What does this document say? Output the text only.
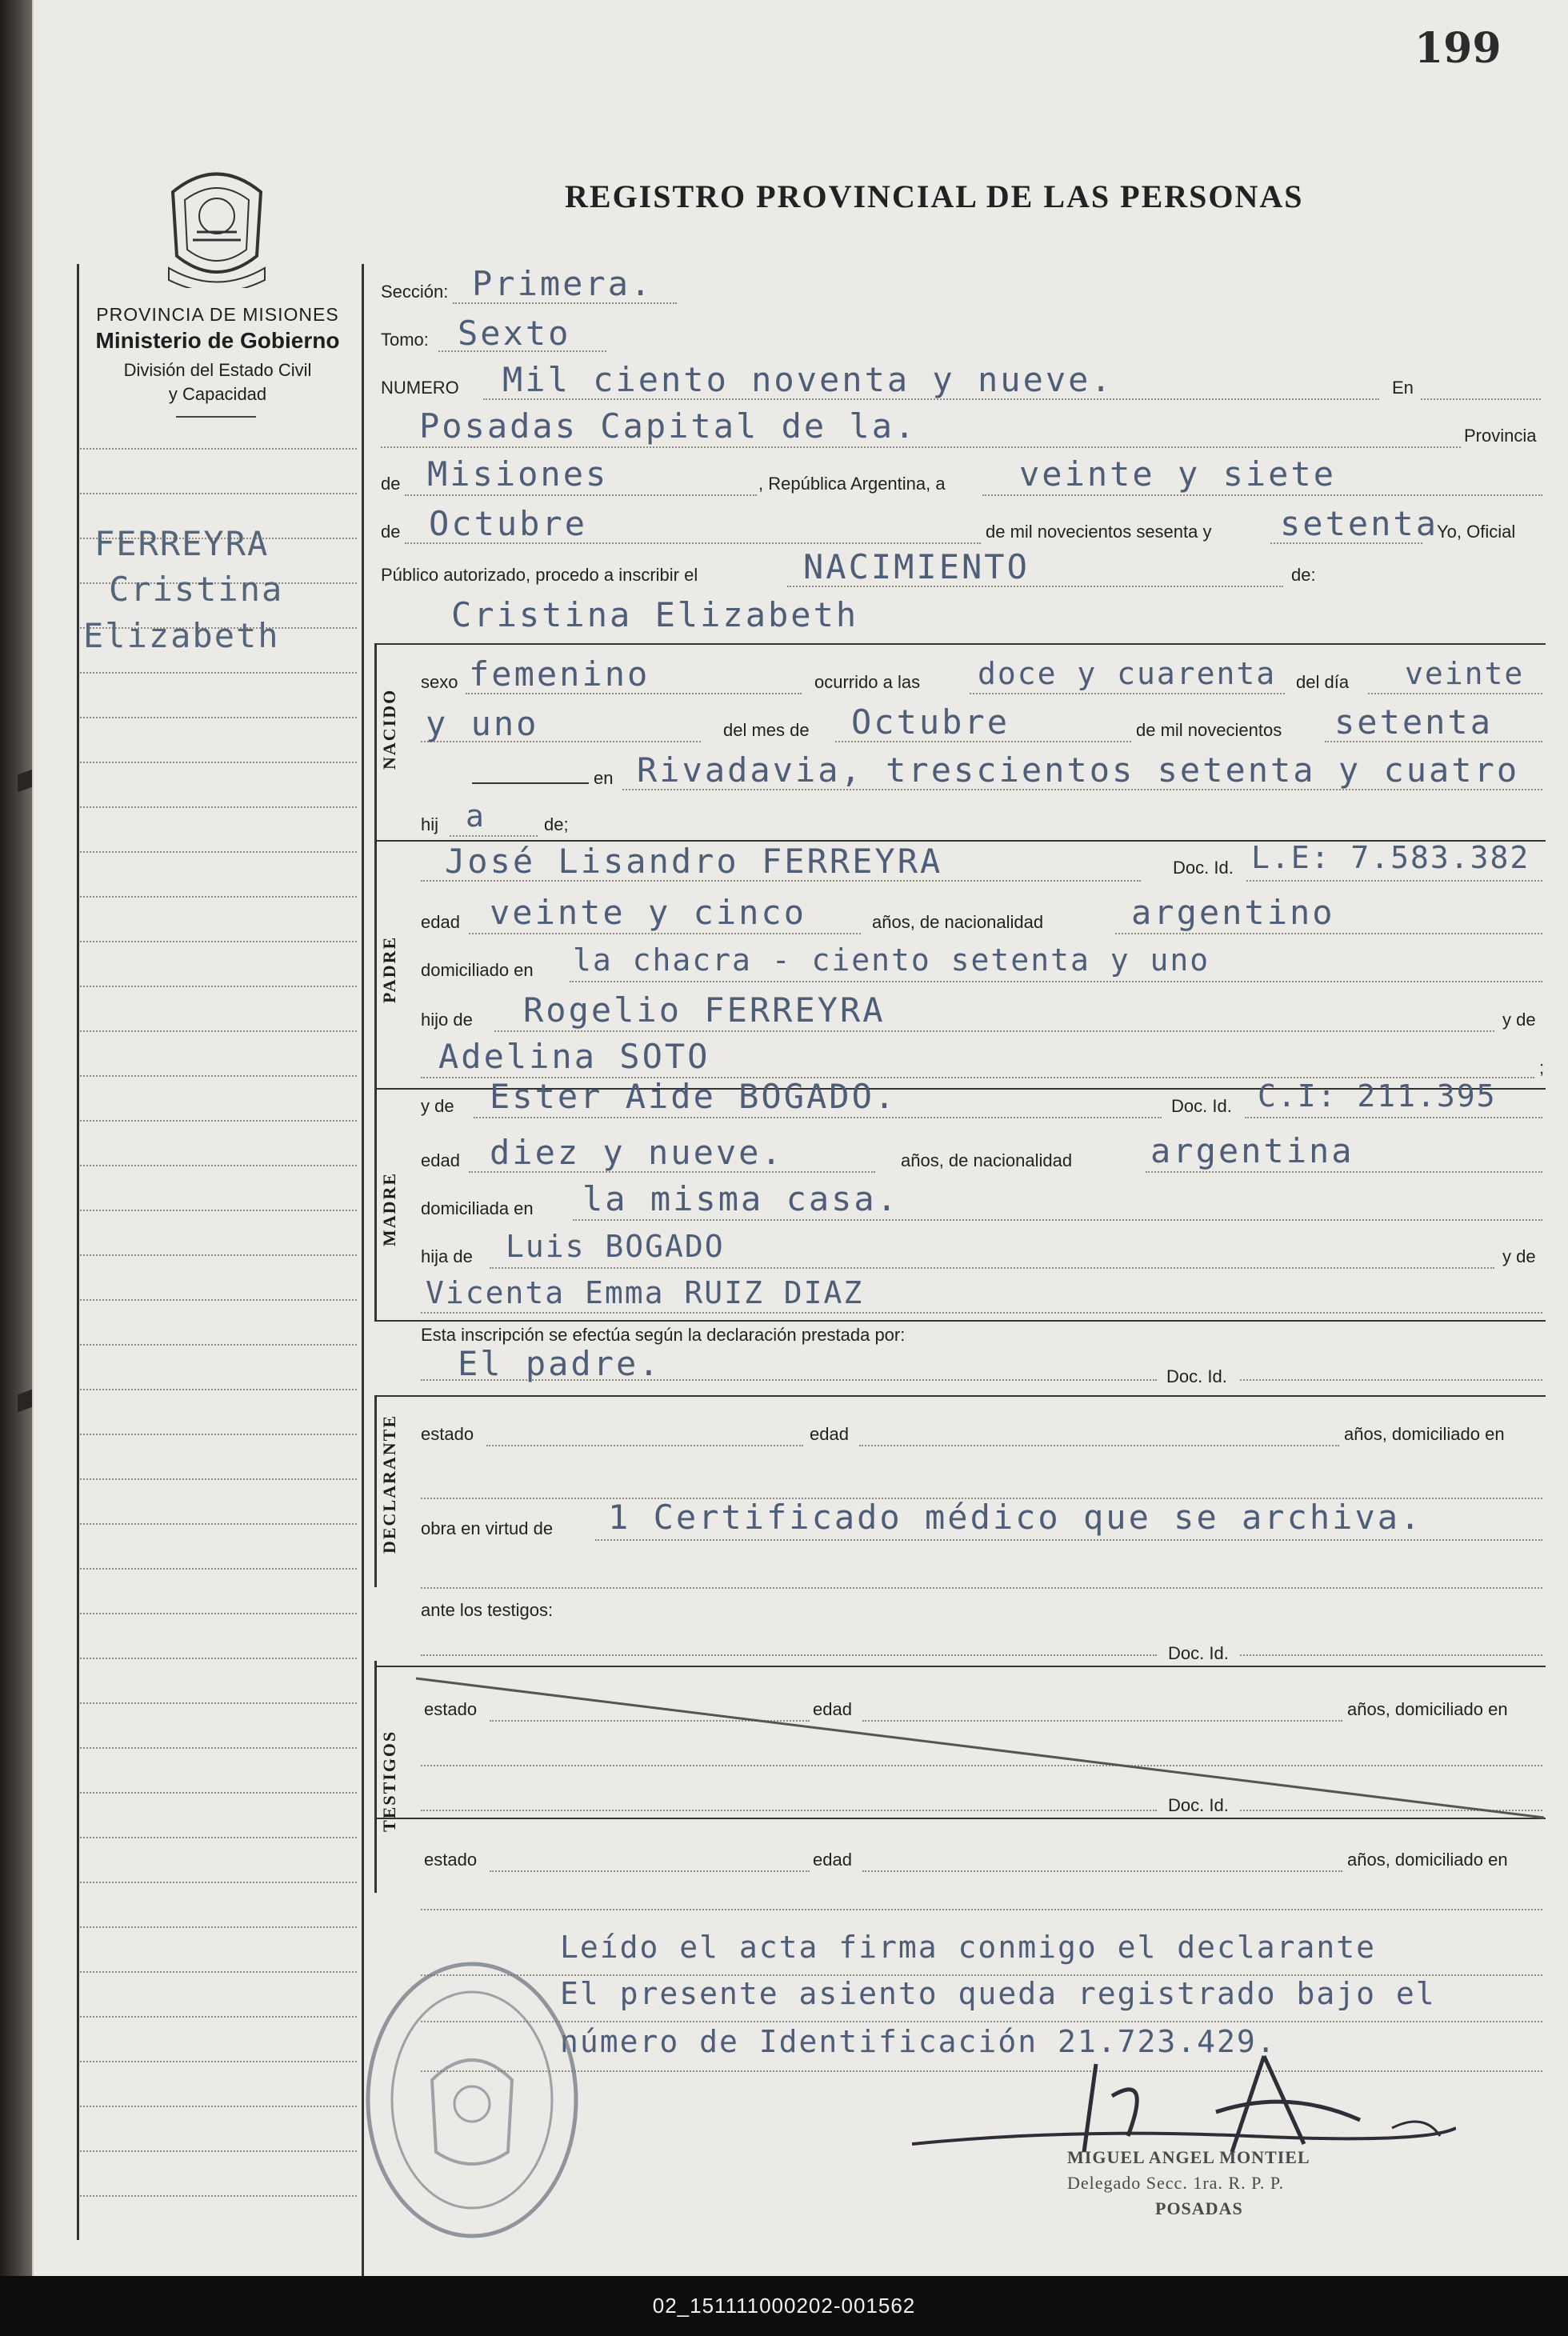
199
REGISTRO PROVINCIAL DE LAS PERSONAS
PROVINCIA DE MISIONES
Ministerio de Gobierno
División del Estado Civil
y Capacidad
FERREYRA
Cristina
Elizabeth
Sección: Primera.
Tomo: Sexto
NUMERO Mil ciento noventa y nueve.	En
Posadas Capital de la.	Provincia
de Misiones	, República Argentina, a veinte y siete
de Octubre	de mil novecientos sesenta y setenta
Yo, Oficial
Público autorizado, procedo a inscribir el	NACIMIENTO	de:
Cristina Elizabeth
NACIDO
sexo femenino	ocurrido a las doce y cuarenta del día veinte
y uno	del mes de Octubre	de mil novecientos setenta
en Rivadavia, trescientos setenta y cuatro
hij a	de;
PADRE
José Lisandro FERREYRA	Doc. Id. L.E: 7.583.382
edad veinte y cinco	años, de nacionalidad	argentino
domiciliado en la chacra - ciento setenta y uno
hijo de Rogelio FERREYRA	y de
Adelina SOTO	;
MADRE
y de Ester Aide BOGADO.	Doc. Id. C.I: 211.395
edad diez y nueve.	años, de nacionalidad argentina
domiciliada en la misma casa.
hija de Luis BOGADO	y de
Vicenta Emma RUIZ DIAZ
Esta inscripción se efectúa según la declaración prestada por:
El padre.	Doc. Id.
DECLARANTE estado	edad	años, domiciliado en
obra en virtud de 1 Certificado médico que se archiva.
ante los testigos:
Doc. Id.
TESTIGOS
estado	edad	años, domiciliado en
Doc. Id.
estado	edad	años, domiciliado en
Leído el acta firma conmigo el declarante
El presente asiento queda registrado bajo el
número de Identificación 21.723.429.
MIGUEL ANGEL MONTIEL
Delegado Secc. 1ra. R. P. P.
POSADAS
02_151111000202-001562
